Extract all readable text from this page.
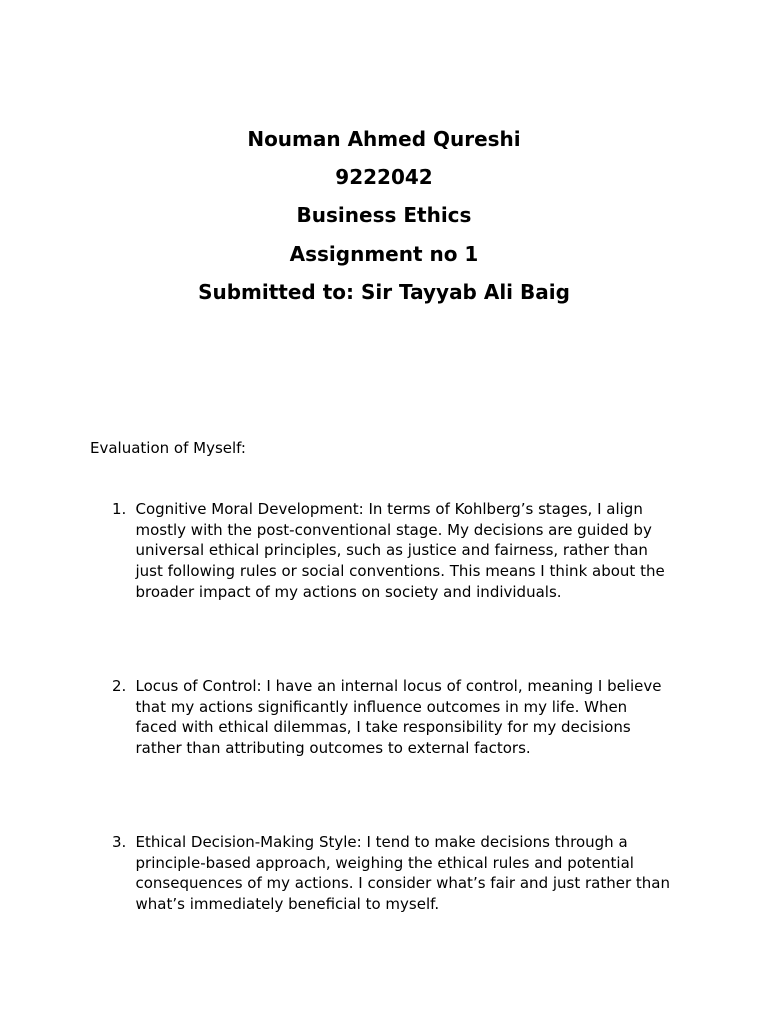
Nouman Ahmed Qureshi

9222042

Business Ethics

Assignment no 1

Submitted to: Sir Tayyab Ali Baig

Evaluation of Myself:

1. Cognitive Moral Development: In terms of Kohlberg’s stages, I align mostly with the post-conventional stage. My decisions are guided by universal ethical principles, such as justice and fairness, rather than just following rules or social conventions. This means I think about the broader impact of my actions on society and individuals.
2. Locus of Control: I have an internal locus of control, meaning I believe that my actions significantly influence outcomes in my life. When faced with ethical dilemmas, I take responsibility for my decisions rather than attributing outcomes to external factors.
3. Ethical Decision-Making Style: I tend to make decisions through a principle-based approach, weighing the ethical rules and potential consequences of my actions. I consider what’s fair and just rather than what’s immediately beneficial to myself.
